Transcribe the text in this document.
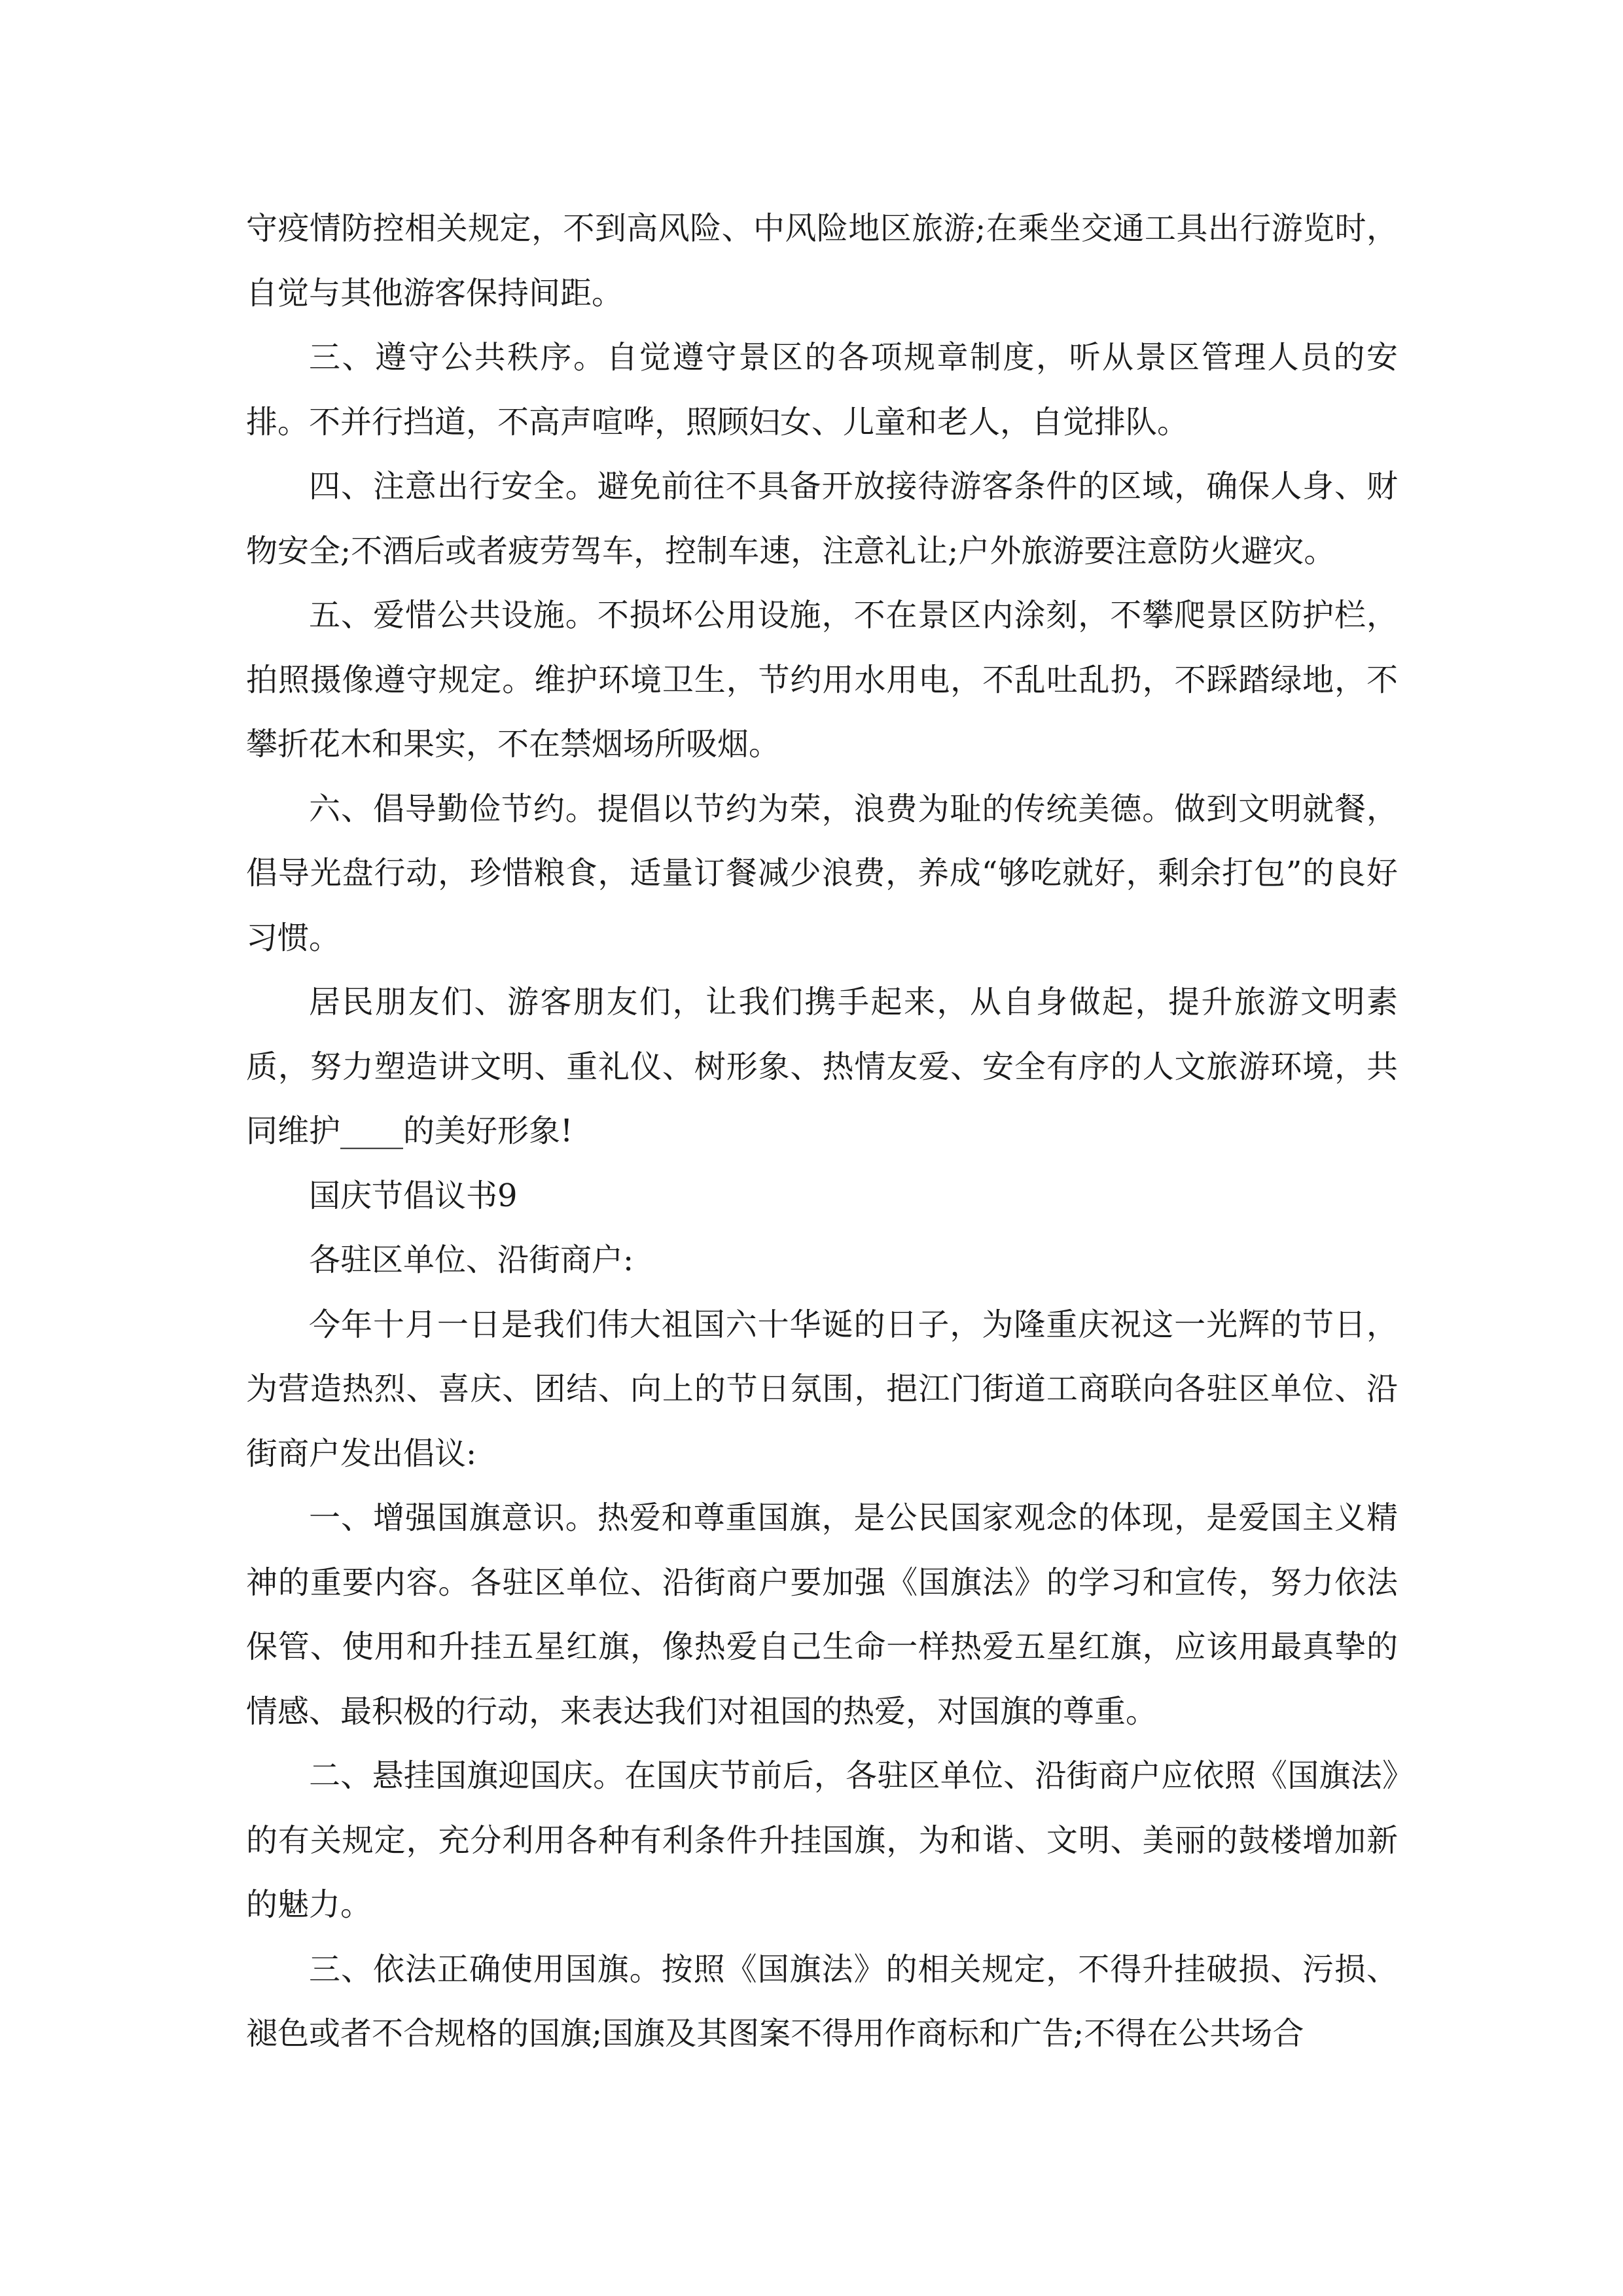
守疫情防控相关规定，不到高风险、中风险地区旅游;在乘坐交通工具出行游览时，自觉与其他游客保持间距。

三、遵守公共秩序。自觉遵守景区的各项规章制度，听从景区管理人员的安排。不并行挡道，不高声喧哗，照顾妇女、儿童和老人，自觉排队。

四、注意出行安全。避免前往不具备开放接待游客条件的区域，确保人身、财物安全;不酒后或者疲劳驾车，控制车速，注意礼让;户外旅游要注意防火避灾。

五、爱惜公共设施。不损坏公用设施，不在景区内涂刻，不攀爬景区防护栏，拍照摄像遵守规定。维护环境卫生，节约用水用电，不乱吐乱扔，不踩踏绿地，不攀折花木和果实，不在禁烟场所吸烟。

六、倡导勤俭节约。提倡以节约为荣，浪费为耻的传统美德。做到文明就餐，倡导光盘行动，珍惜粮食，适量订餐减少浪费，养成“够吃就好，剩余打包”的良好习惯。

居民朋友们、游客朋友们，让我们携手起来，从自身做起，提升旅游文明素质，努力塑造讲文明、重礼仪、树形象、热情友爱、安全有序的人文旅游环境，共同维护____的美好形象!

国庆节倡议书9

各驻区单位、沿街商户:

今年十月一日是我们伟大祖国六十华诞的日子，为隆重庆祝这一光辉的节日，为营造热烈、喜庆、团结、向上的节日氛围，挹江门街道工商联向各驻区单位、沿街商户发出倡议:

一、增强国旗意识。热爱和尊重国旗，是公民国家观念的体现，是爱国主义精神的重要内容。各驻区单位、沿街商户要加强《国旗法》的学习和宣传，努力依法保管、使用和升挂五星红旗，像热爱自己生命一样热爱五星红旗，应该用最真挚的情感、最积极的行动，来表达我们对祖国的热爱，对国旗的尊重。

二、悬挂国旗迎国庆。在国庆节前后，各驻区单位、沿街商户应依照《国旗法》的有关规定，充分利用各种有利条件升挂国旗，为和谐、文明、美丽的鼓楼增加新的魅力。

三、依法正确使用国旗。按照《国旗法》的相关规定，不得升挂破损、污损、褪色或者不合规格的国旗;国旗及其图案不得用作商标和广告;不得在公共场合
